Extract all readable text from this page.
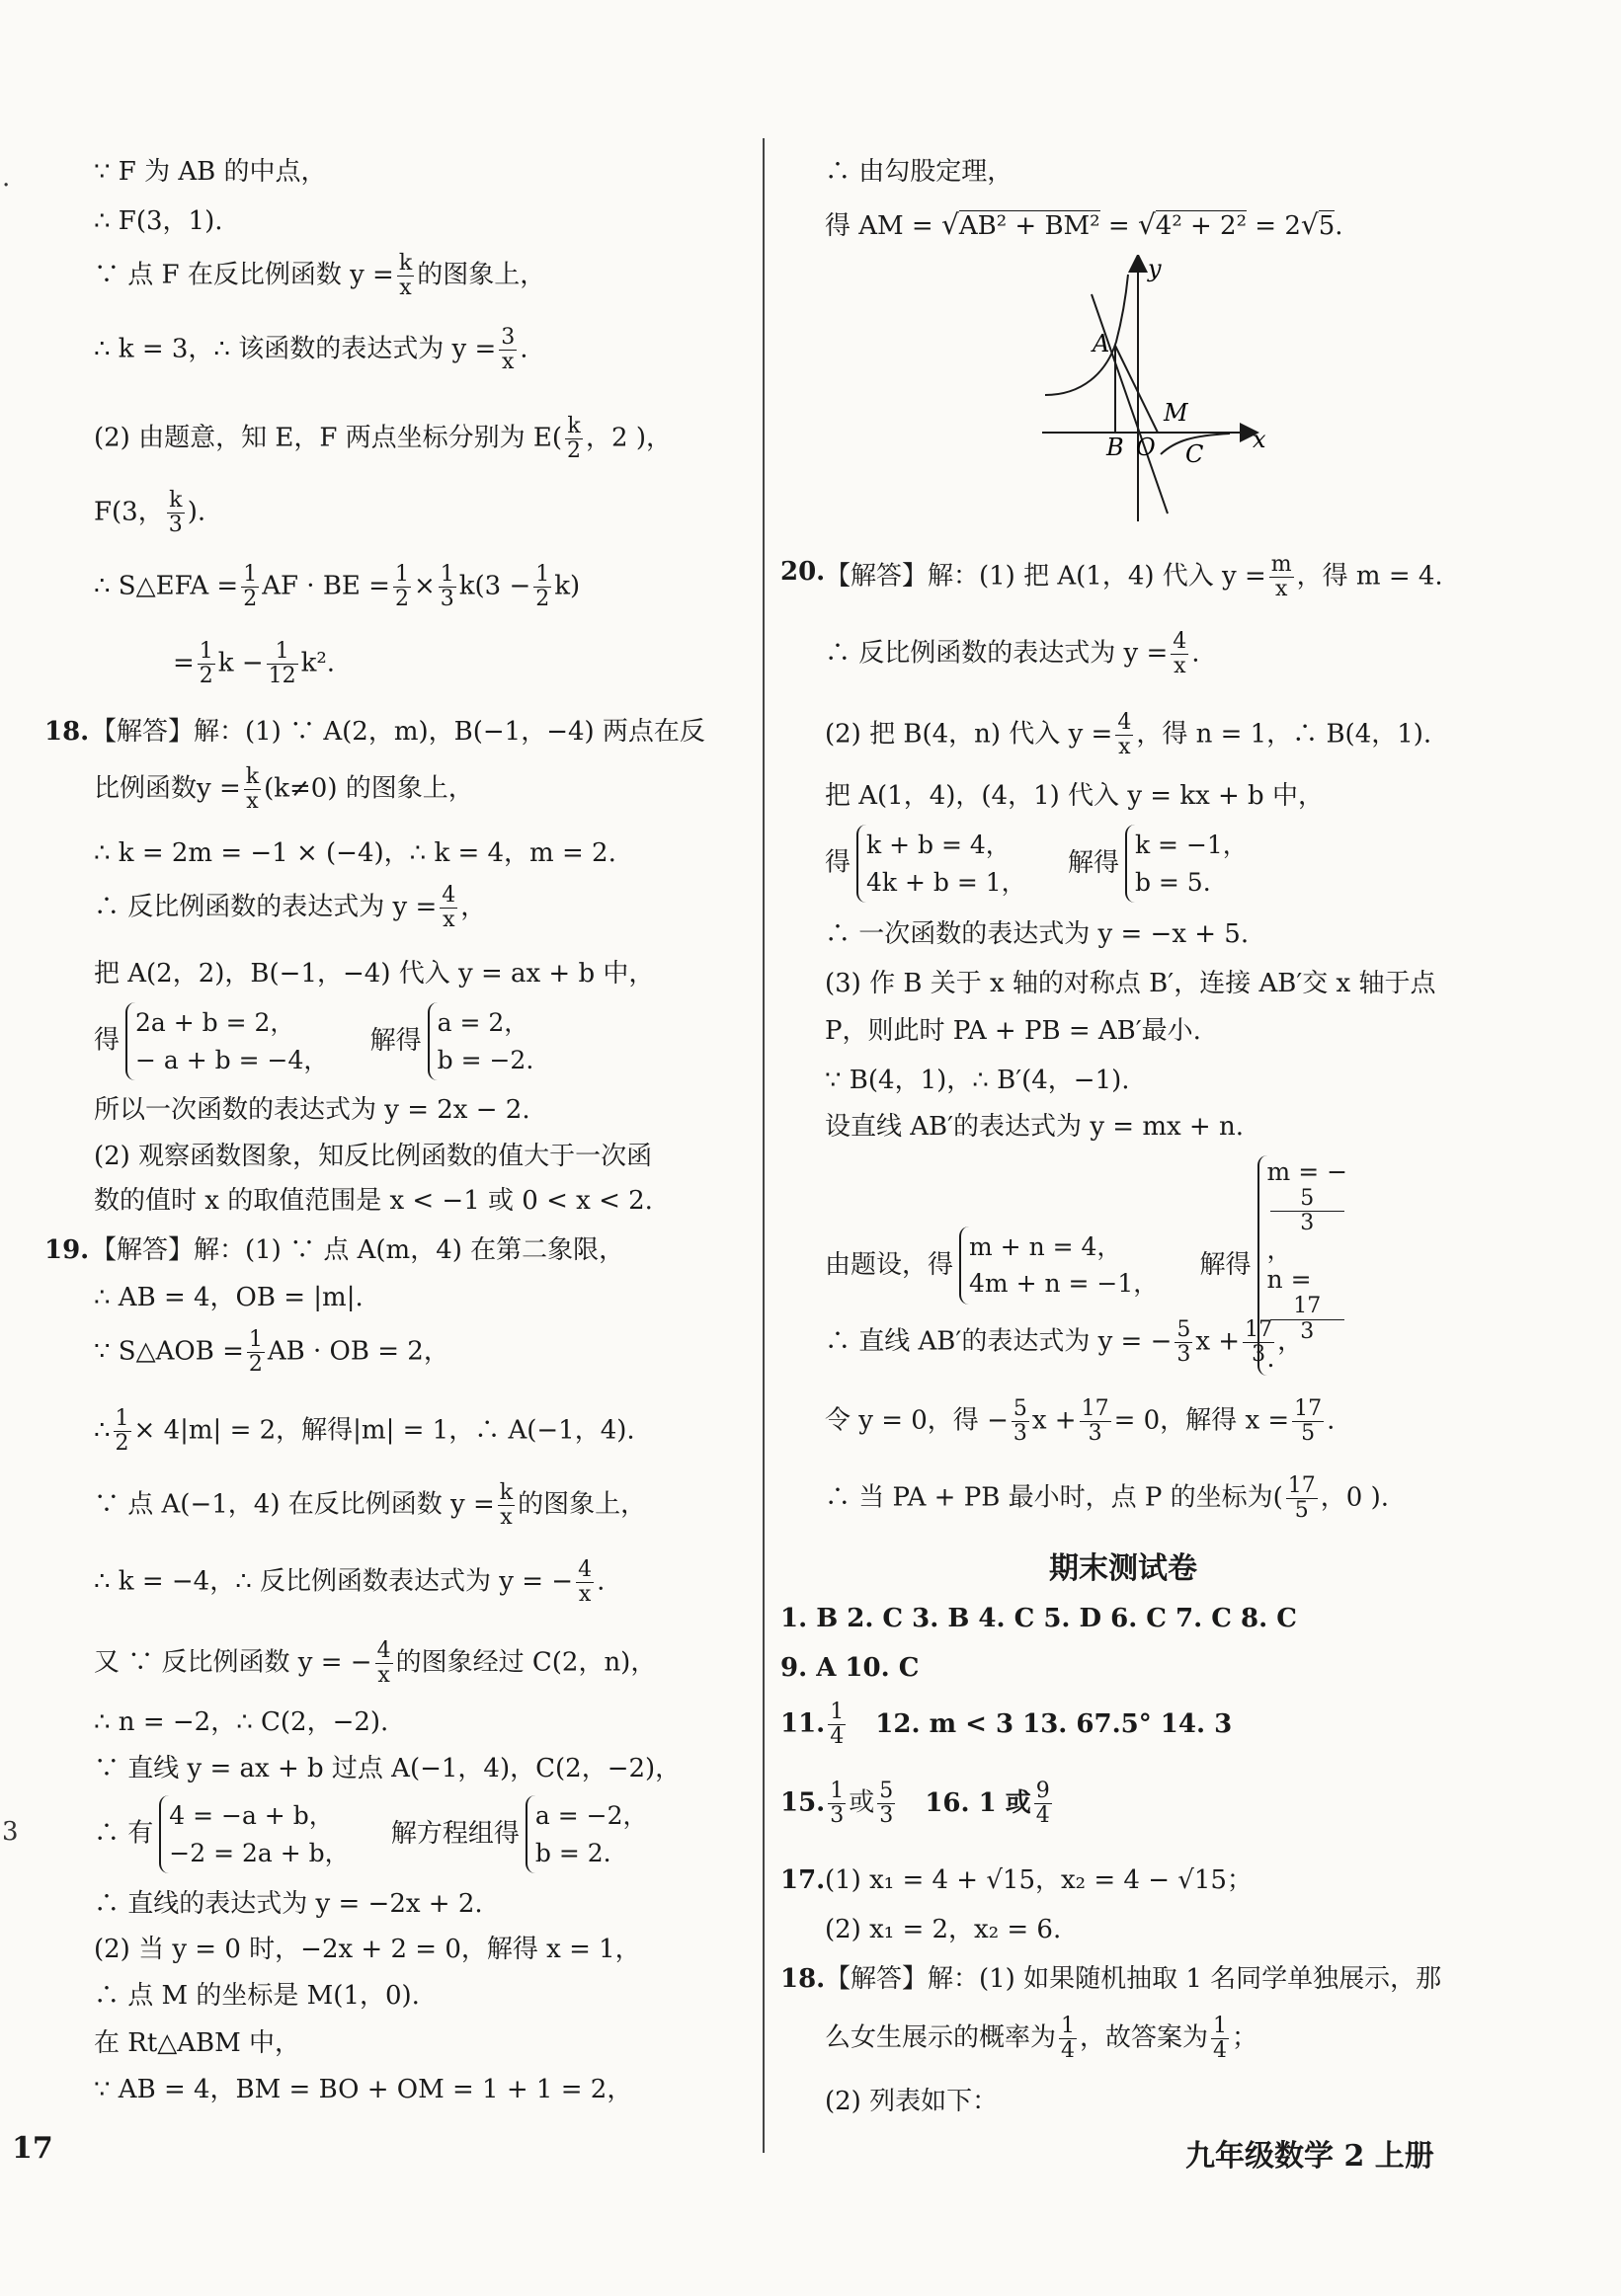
.
3
∵ F 为 AB 的中点，
∴ F(3，1).
∵ 点 F 在反比例函数 $y = \frac{k}{x}$ 的图象上，
∴ k = 3，∴ 该函数的表达式为 $y = \frac{3}{x}$ .
(2) 由题意，知 E，F 两点坐标分别为 $E( \frac{k}{2}$ ，2 )，
F(3， $\frac{k}{3}$ ).
∴ S△EFA = $\frac{1}{2}$ AF · BE = $\frac{1}{2} \times \frac{1}{3} k(3 - \frac{1}{2} k)$
= $\frac{1}{2}$ $k - \frac{1}{12} k^2$.
18. 【解答】解：(1) ∵ A(2，m)，B(−1，−4) 两点在反
比例函数$y = \frac{k}{x} (k\ne 0)$ 的图象上，
∴ k = 2m = −1 × (−4)，∴ k = 4，m = 2.
∴ 反比例函数的表达式为 $y = \frac{4}{x}$ ，
把 A(2，2)，B(−1，−4) 代入 y = ax + b 中，
得
2a + b = 2，
− a + b = −4，
解得
a = 2，
b = −2.
所以一次函数的表达式为 y = 2x − 2.
(2) 观察函数图象，知反比例函数的值大于一次函
数的值时 x 的取值范围是 x < −1 或 0 < x < 2.
19. 【解答】解：(1) ∵ 点 A(m，4) 在第二象限，
∴ AB = 4，OB = |m|.
∵ S△AOB = $\frac{1}{2}$ AB · OB = 2，
∴ $\frac{1}{2} \times 4|m| = 2$，解得|m| = 1，∴ A(−1，4).
∵ 点 A(−1，4) 在反比例函数 $y = \frac{k}{x}$ 的图象上，
∴ k = −4，∴ 反比例函数表达式为 y = − $\frac{4}{x}$ .
又 ∵ 反比例函数 y = − $\frac{4}{x}$ 的图象经过 C(2，n)，
∴ n = −2，∴ C(2，−2).
∵ 直线 y = ax + b 过点 A(−1，4)，C(2，−2)，
∴ 有
4 = −a + b，
−2 = 2a + b，
解方程组得
a = −2，
b = 2.
∴ 直线的表达式为 y = −2x + 2.
(2) 当 y = 0 时，−2x + 2 = 0，解得 x = 1，
∴ 点 M 的坐标是 M(1，0).
在 Rt△ABM 中，
∵ AB = 4，BM = BO + OM = 1 + 1 = 2，
∴ 由勾股定理，
得 AM = √AB² + BM² = √4² + 2² = 2√5.
20. 【解答】解：(1) 把 A(1，4) 代入 $y = \frac{m}{x}$ ，得 m = 4.
∴ 反比例函数的表达式为 $y = \frac{4}{x}$ .
(2) 把 B(4，n) 代入 $y = \frac{4}{x}$ ，得 n = 1，∴ B(4，1).
把 A(1，4)，(4，1) 代入 y = kx + b 中，
得
k + b = 4，
4k + b = 1，
解得
k = −1，
b = 5.
∴ 一次函数的表达式为 y = −x + 5.
(3) 作 B 关于 x 轴的对称点 B′，连接 AB′交 x 轴于点
P，则此时 PA + PB = AB′最小.
∵ B(4，1)，∴ B′(4，−1).
设直线 AB′的表达式为 y = mx + n.
由题设，得
m + n = 4，
4m + n = −1，
解得
m = −
5
3
，
n =
17
3
.
∴ 直线 AB′的表达式为 y = − $\frac{5}{3}$ $x + \frac{17}{3}$ ，
令 y = 0，得 − $\frac{5}{3}$ $x + \frac{17}{3} = 0$，解得 $x = \frac{17}{5}$ .
∴ 当 PA + PB 最小时，点 P 的坐标为( $\frac{17}{5}$ ，0 ).
期末测试卷
1. B 2. C 3. B 4. C 5. D 6. C 7. C 8. C
9. A 10. C
11. $\frac{1}{4} 12$. m < 3 13. 67.5° 14. 3
15. $\frac{1}{3}$ 或 $\frac{5}{3} 16$. 1 或 $\frac{9}{4}$
17. (1) x₁ = 4 + √15，x₂ = 4 − √15；
(2) x₁ = 2，x₂ = 6.
18. 【解答】解：(1) 如果随机抽取 1 名同学单独展示，那
么女生展示的概率为 $\frac{1}{4}$ ，故答案为 $\frac{1}{4}$ ；
(2) 列表如下：
y
x
A
M
B O C
17	九年级数学 2 上册
